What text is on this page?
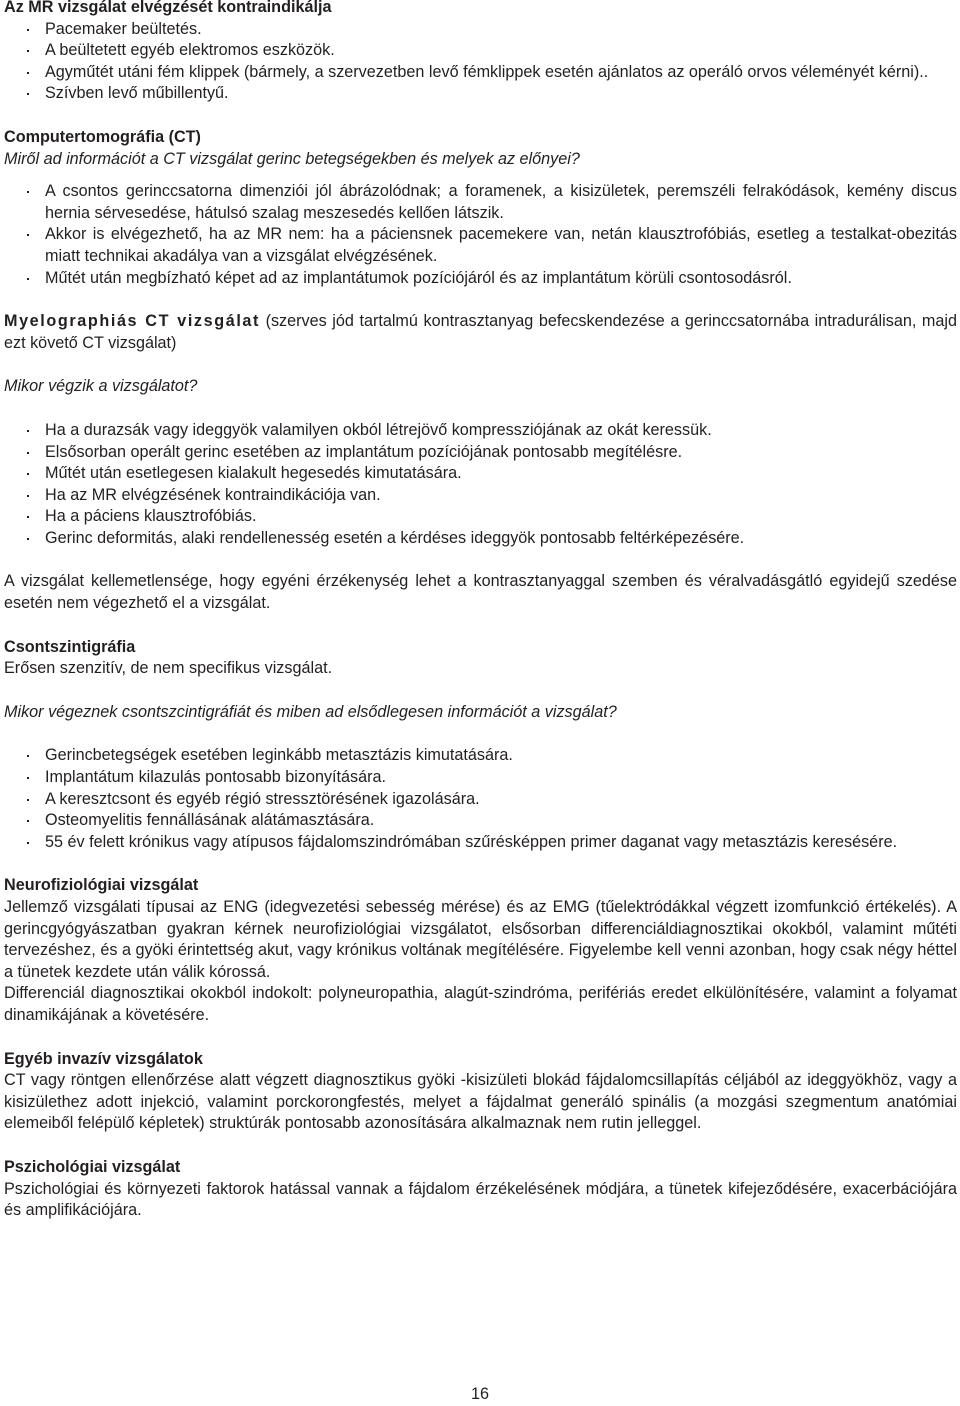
Az MR vizsgálat elvégzését kontraindikálja

Pacemaker beültetés.
A beültetett egyéb elektromos eszközök.
Agyműtét utáni fém klippek (bármely, a szervezetben levő fémklippek esetén ajánlatos az operáló orvos véleményét kérni)..
Szívben levő műbillentyű.

Computertomográfia (CT)

Miről ad információt a CT vizsgálat gerinc betegségekben és melyek az előnyei?

A csontos gerinccsatorna dimenziói jól ábrázolódnak; a foramenek, a kisizületek, peremszéli felrakódások, kemény discus hernia sérvesedése, hátulsó szalag meszesedés kellően látszik.
Akkor is elvégezhető, ha az MR nem: ha a páciensnek pacemekere van, netán klausztrofóbiás, esetleg a testalkat-obezitás miatt technikai akadálya van a vizsgálat elvégzésének.
Műtét után megbízható képet ad az implantátumok pozíciójáról és az implantátum körüli csontosodásról.

Myelographiás CT vizsgálat (szerves jód tartalmú kontrasztanyag befecskendezése a gerinccsatornába intradurálisan, majd ezt követő CT vizsgálat)

Mikor végzik a vizsgálatot?

Ha a durazsák vagy ideggyök valamilyen okból létrejövő kompressziójának az okát keressük.
Elsősorban operált gerinc esetében az implantátum pozíciójának pontosabb megítélésre.
Műtét után esetlegesen kialakult hegesedés kimutatására.
Ha az MR elvégzésének kontraindikációja van.
Ha a páciens klausztrofóbiás.
Gerinc deformitás, alaki rendellenesség esetén a kérdéses ideggyök pontosabb feltérképezésére.

A vizsgálat kellemetlensége, hogy egyéni érzékenység lehet a kontrasztanyaggal szemben és véralvadásgátló egyidejű szedése esetén nem végezhető el a vizsgálat.

Csontszintigráfia

Erősen szenzitív, de nem specifikus vizsgálat.

Mikor végeznek csontszcintigráfiát és miben ad elsődlegesen információt a vizsgálat?

Gerincbetegségek esetében leginkább metasztázis kimutatására.
Implantátum kilazulás pontosabb bizonyítására.
A keresztcsont és egyéb régió stressztörésének igazolására.
Osteomyelitis fennállásának alátámasztására.
55 év felett krónikus vagy atípusos fájdalomszindrómában szűrésképpen primer daganat vagy metasztázis keresésére.

Neurofiziológiai vizsgálat

Jellemző vizsgálati típusai az ENG (idegvezetési sebesség mérése) és az EMG (tűelektródákkal végzett izomfunkció értékelés). A gerincgyógyászatban gyakran kérnek neurofiziológiai vizsgálatot, elsősorban differenciáldiagnosztikai okokból, valamint műtéti tervezéshez, és a gyöki érintettség akut, vagy krónikus voltának megítélésére. Figyelembe kell venni azonban, hogy csak négy héttel a tünetek kezdete után válik kórossá.

Differenciál diagnosztikai okokból indokolt: polyneuropathia, alagút-szindróma, perifériás eredet elkülönítésére, valamint a folyamat dinamikájának a követésére.

Egyéb invazív vizsgálatok

CT vagy röntgen ellenőrzése alatt végzett diagnosztikus gyöki -kisizületi blokád fájdalomcsillapítás céljából az ideggyökhöz, vagy a kisizülethez adott injekció, valamint porckorongfestés, melyet a fájdalmat generáló spinális (a mozgási szegmentum anatómiai elemeiből felépülő képletek) struktúrák pontosabb azonosítására alkalmaznak nem rutin jelleggel.

Pszichológiai vizsgálat

Pszichológiai és környezeti faktorok hatással vannak a fájdalom érzékelésének módjára, a tünetek kifejeződésére, exacerbációjára és amplifikációjára.

16
